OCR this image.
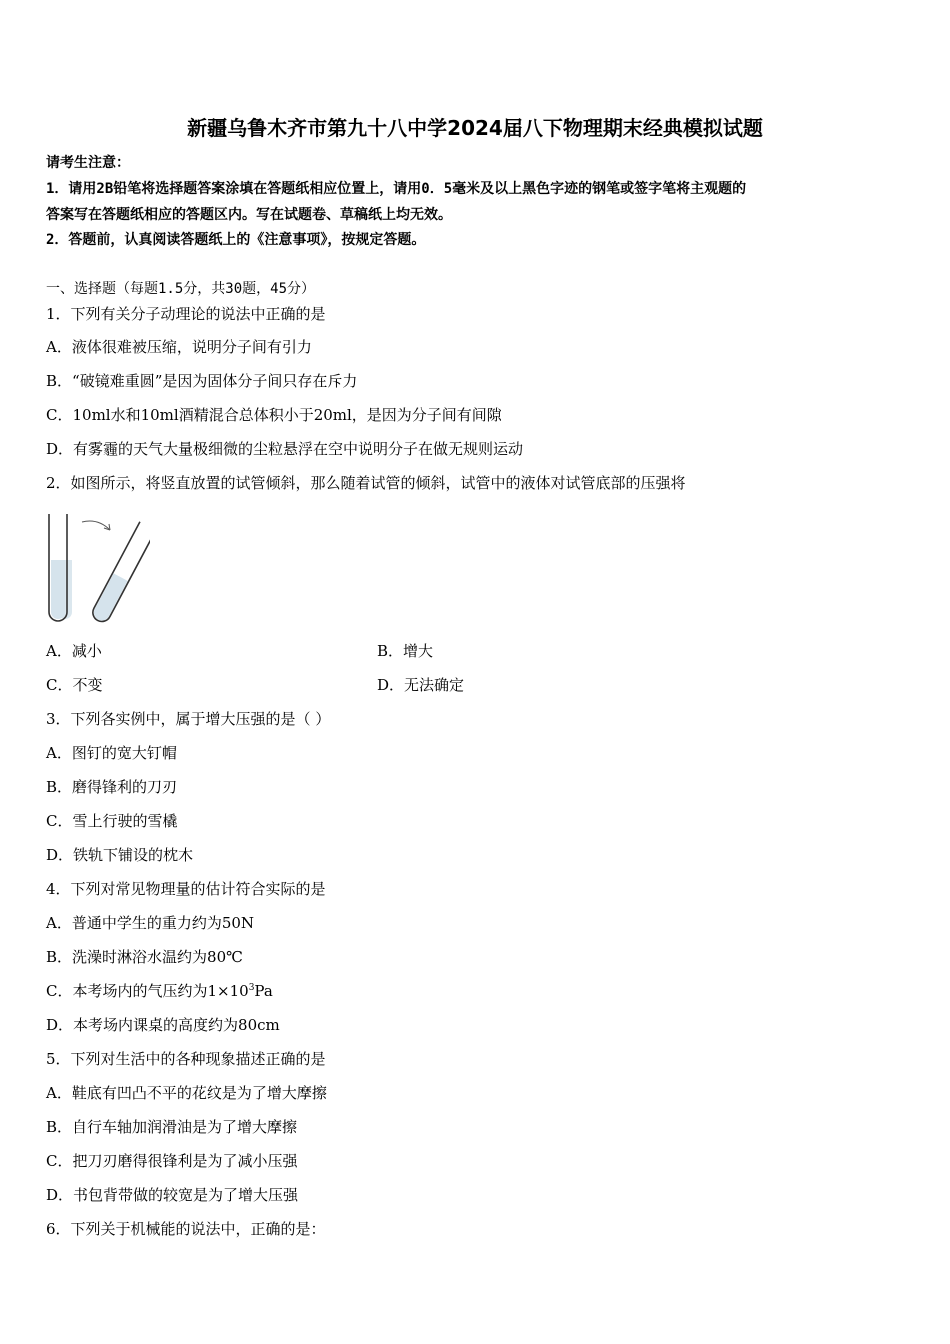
新疆乌鲁木齐市第九十八中学2024届八下物理期末经典模拟试题
请考生注意：
1．请用2B铅笔将选择题答案涂填在答题纸相应位置上，请用0．5毫米及以上黑色字迹的钢笔或签字笔将主观题的
答案写在答题纸相应的答题区内。写在试题卷、草稿纸上均无效。
2．答题前，认真阅读答题纸上的《注意事项》，按规定答题。
一、选择题（每题1.5分，共30题，45分）
1．下列有关分子动理论的说法中正确的是
A．液体很难被压缩，说明分子间有引力
B．“破镜难重圆”是因为固体分子间只存在斥力
C．10ml水和10ml酒精混合总体积小于20ml，是因为分子间有间隙
D．有雾霾的天气大量极细微的尘粒悬浮在空中说明分子在做无规则运动
2．如图所示，将竖直放置的试管倾斜，那么随着试管的倾斜，试管中的液体对试管底部的压强将
A．减小	B．增大
C．不变	D．无法确定
3．下列各实例中，属于增大压强的是（ ）
A．图钉的宽大钉帽
B．磨得锋利的刀刃
C．雪上行驶的雪橇
D．铁轨下铺设的枕木
4．下列对常见物理量的估计符合实际的是
A．普通中学生的重力约为50N
B．洗澡时淋浴水温约为80℃
C．本考场内的气压约为$1\times 10^3Pa$
D．本考场内课桌的高度约为80cm
5．下列对生活中的各种现象描述正确的是
A．鞋底有凹凸不平的花纹是为了增大摩擦
B．自行车轴加润滑油是为了增大摩擦
C．把刀刃磨得很锋利是为了减小压强
D．书包背带做的较宽是为了增大压强
6．下列关于机械能的说法中，正确的是：
